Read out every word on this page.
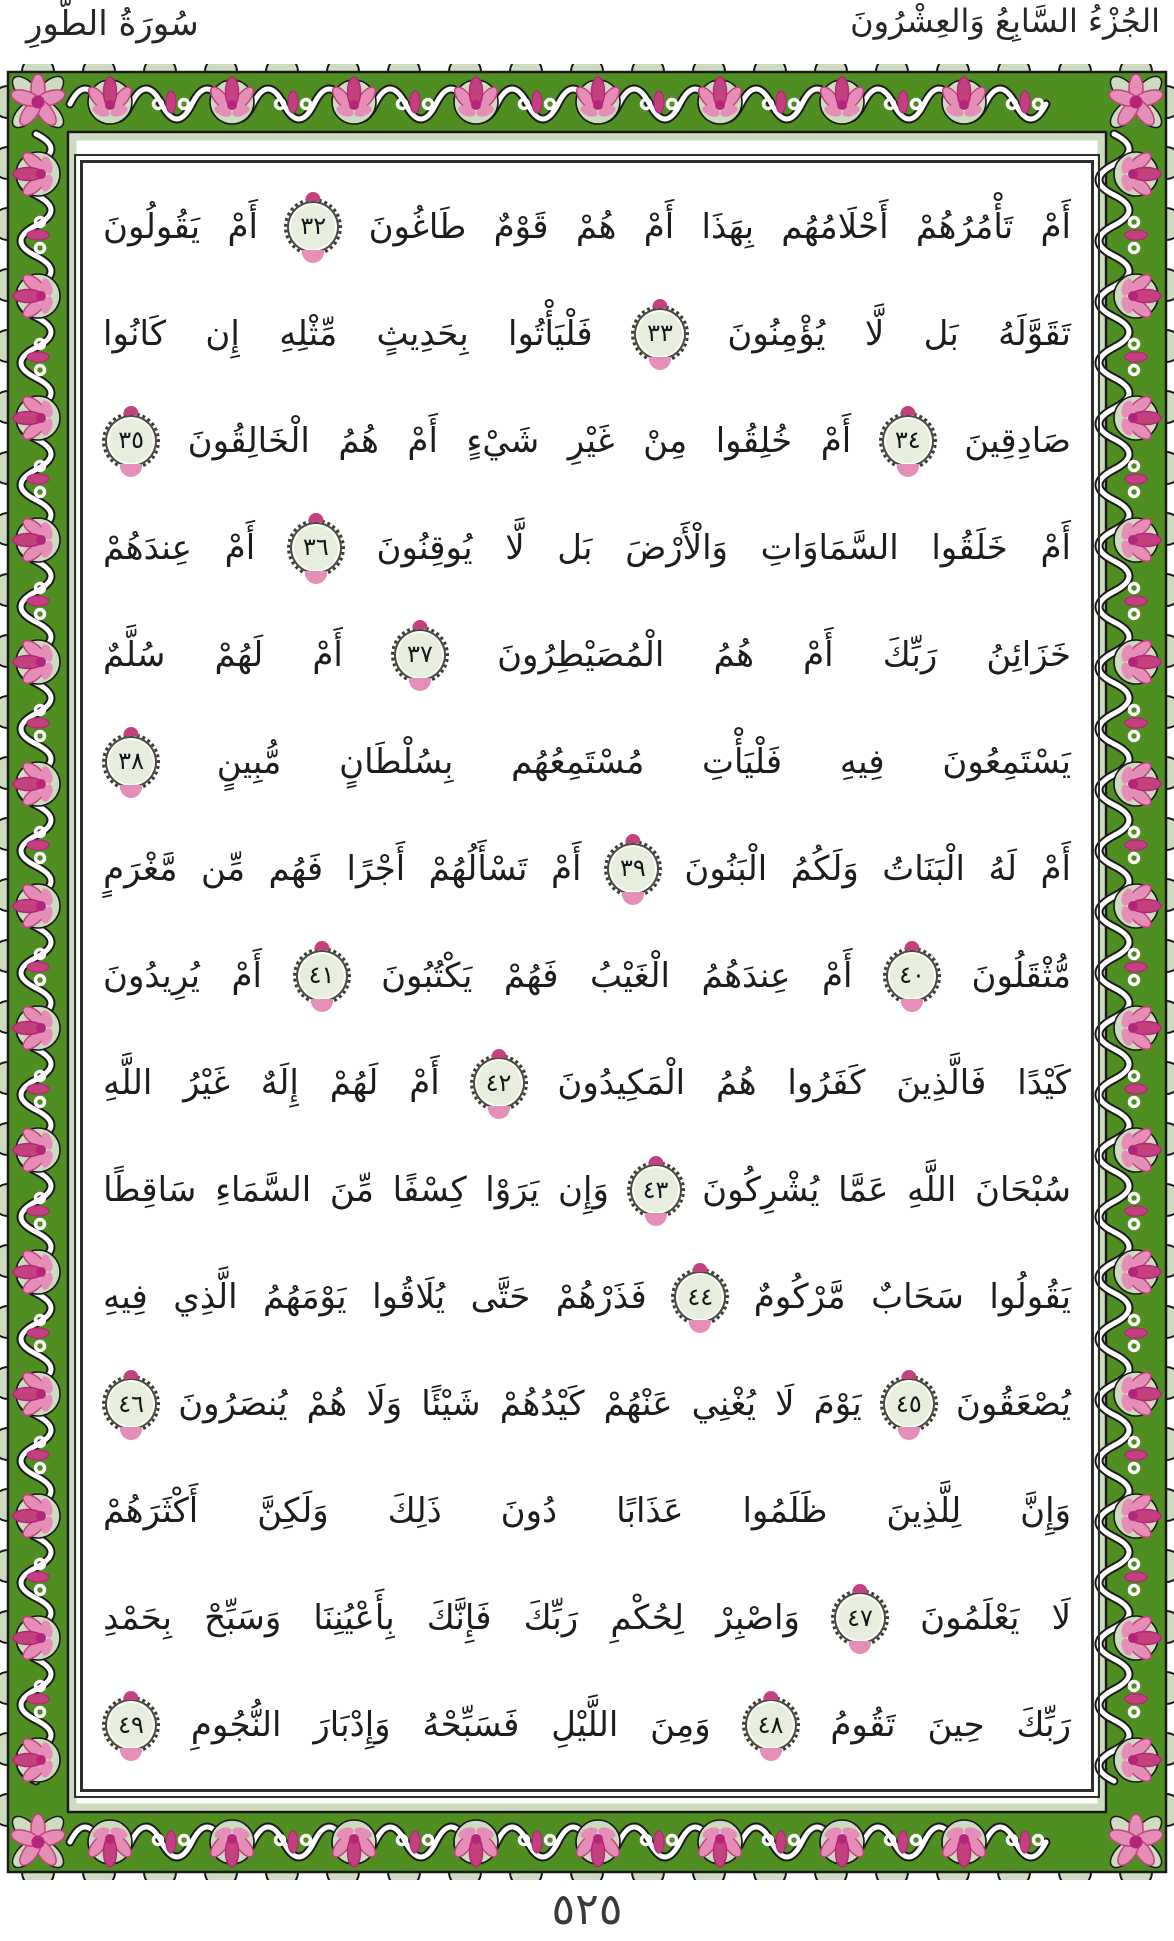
الجُزْءُ السَّابِعُ وَالعِشْرُونَ
سُورَةُ الطُّورِ
أَمْ
تَأْمُرُهُمْ
أَحْلَامُهُم
بِهَذَا
أَمْ
هُمْ
قَوْمٌ
طَاغُونَ
٣٢
أَمْ
يَقُولُونَ
تَقَوَّلَهُ
بَل
لَّا
يُؤْمِنُونَ
٣٣
فَلْيَأْتُوا
بِحَدِيثٍ
مِّثْلِهِ
إِن
كَانُوا
صَادِقِينَ
٣٤
أَمْ
خُلِقُوا
مِنْ
غَيْرِ
شَيْءٍ
أَمْ
هُمُ
الْخَالِقُونَ
٣٥
أَمْ
خَلَقُوا
السَّمَاوَاتِ
وَالْأَرْضَ
بَل
لَّا
يُوقِنُونَ
٣٦
أَمْ
عِندَهُمْ
خَزَائِنُ
رَبِّكَ
أَمْ
هُمُ
الْمُصَيْطِرُونَ
٣٧
أَمْ
لَهُمْ
سُلَّمٌ
يَسْتَمِعُونَ
فِيهِ
فَلْيَأْتِ
مُسْتَمِعُهُم
بِسُلْطَانٍ
مُّبِينٍ
٣٨
أَمْ
لَهُ
الْبَنَاتُ
وَلَكُمُ
الْبَنُونَ
٣٩
أَمْ
تَسْأَلُهُمْ
أَجْرًا
فَهُم
مِّن
مَّغْرَمٍ
مُّثْقَلُونَ
٤٠
أَمْ
عِندَهُمُ
الْغَيْبُ
فَهُمْ
يَكْتُبُونَ
٤١
أَمْ
يُرِيدُونَ
كَيْدًا
فَالَّذِينَ
كَفَرُوا
هُمُ
الْمَكِيدُونَ
٤٢
أَمْ
لَهُمْ
إِلَهٌ
غَيْرُ
اللَّهِ
سُبْحَانَ
اللَّهِ
عَمَّا
يُشْرِكُونَ
٤٣
وَإِن
يَرَوْا
كِسْفًا
مِّنَ
السَّمَاءِ
سَاقِطًا
يَقُولُوا
سَحَابٌ
مَّرْكُومٌ
٤٤
فَذَرْهُمْ
حَتَّى
يُلَاقُوا
يَوْمَهُمُ
الَّذِي
فِيهِ
يُصْعَقُونَ
٤٥
يَوْمَ
لَا
يُغْنِي
عَنْهُمْ
كَيْدُهُمْ
شَيْئًا
وَلَا
هُمْ
يُنصَرُونَ
٤٦
وَإِنَّ
لِلَّذِينَ
ظَلَمُوا
عَذَابًا
دُونَ
ذَلِكَ
وَلَكِنَّ
أَكْثَرَهُمْ
لَا
يَعْلَمُونَ
٤٧
وَاصْبِرْ
لِحُكْمِ
رَبِّكَ
فَإِنَّكَ
بِأَعْيُنِنَا
وَسَبِّحْ
بِحَمْدِ
رَبِّكَ
حِينَ
تَقُومُ
٤٨
وَمِنَ
اللَّيْلِ
فَسَبِّحْهُ
وَإِدْبَارَ
النُّجُومِ
٤٩
٥٢٥
